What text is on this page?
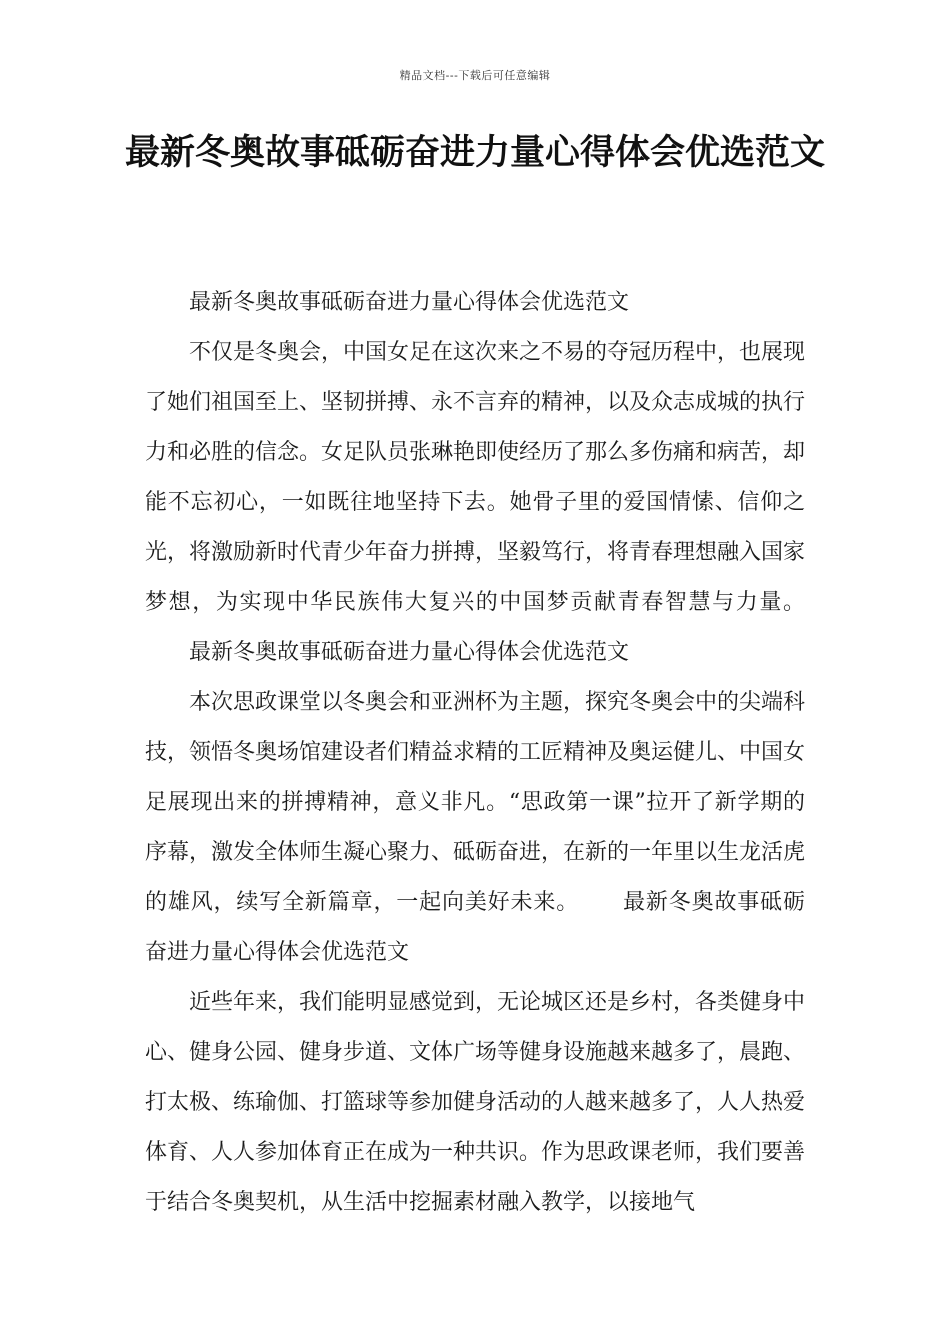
精品文档---下载后可任意编辑
最新冬奥故事砥砺奋进力量心得体会优选范文

最新冬奥故事砥砺奋进力量心得体会优选范文

不仅是冬奥会，中国女足在这次来之不易的夺冠历程中，也展现了她们祖国至上、坚韧拼搏、永不言弃的精神，以及众志成城的执行力和必胜的信念。女足队员张琳艳即使经历了那么多伤痛和病苦，却能不忘初心，一如既往地坚持下去。她骨子里的爱国情愫、信仰之光，将激励新时代青少年奋力拼搏，坚毅笃行，将青春理想融入国家梦想，为实现中华民族伟大复兴的中国梦贡献青春智慧与力量。最新冬奥故事砥砺奋进力量心得体会优选范文

本次思政课堂以冬奥会和亚洲杯为主题，探究冬奥会中的尖端科技，领悟冬奥场馆建设者们精益求精的工匠精神及奥运健儿、中国女足展现出来的拼搏精神，意义非凡。“思政第一课”拉开了新学期的序幕，激发全体师生凝心聚力、砥砺奋进，在新的一年里以生龙活虎的雄风，续写全新篇章，一起向美好未来。 最新冬奥故事砥砺奋进力量心得体会优选范文

近些年来，我们能明显感觉到，无论城区还是乡村，各类健身中心、健身公园、健身步道、文体广场等健身设施越来越多了，晨跑、打太极、练瑜伽、打篮球等参加健身活动的人越来越多了，人人热爱体育、人人参加体育正在成为一种共识。作为思政课老师，我们要善于结合冬奥契机，从生活中挖掘素材融入教学，以接地气
